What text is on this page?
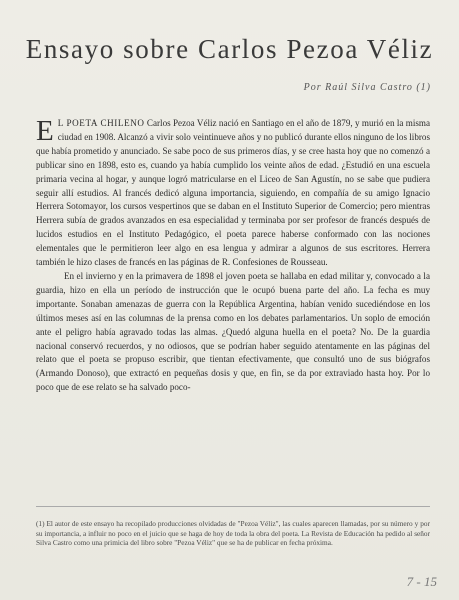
Ensayo sobre Carlos Pezoa Véliz
Por Raúl Silva Castro (1)

E L POETA CHILENO Carlos Pezoa Véliz nació en Santiago en el año de 1879, y murió en la misma ciudad en 1908. Alcanzó a vivir solo veintinueve años y no publicó durante ellos ninguno de los libros que había prometido y anunciado. Se sabe poco de sus primeros días, y se cree hasta hoy que no comenzó a publicar sino en 1898, esto es, cuando ya había cumplido los veinte años de edad. ¿Estudió en una escuela primaria vecina al hogar, y aunque logró matricularse en el Liceo de San Agustín, no se sabe que pudiera seguir allí estudios. Al francés dedicó alguna importancia, siguiendo, en compañía de su amigo Ignacio Herrera Sotomayor, los cursos vespertinos que se daban en el Instituto Superior de Comercio; pero mientras Herrera subía de grados avanzados en esa especialidad y terminaba por ser profesor de francés después de lucidos estudios en el Instituto Pedagógico, el poeta parece haberse conformado con las nociones elementales que le permitieron leer algo en esa lengua y admirar a algunos de sus escritores. Herrera también le hizo clases de francés en las páginas de R. Confesiones de Rousseau.

En el invierno y en la primavera de 1898 el joven poeta se hallaba en edad militar y, convocado a la guardia, hizo en ella un período de instrucción que le ocupó buena parte del año. La fecha es muy importante. Sonaban amenazas de guerra con la República Argentina, habían venido sucediéndose en los últimos meses así en las columnas de la prensa como en los debates parlamentarios. Un soplo de emoción ante el peligro había agravado todas las almas. ¿Quedó alguna huella en el poeta? No. De la guardia nacional conservó recuerdos, y no odiosos, que se podrían haber seguido atentamente en las páginas del relato que el poeta se propuso escribir, que tientan efectivamente, que consultó uno de sus biógrafos (Armando Donoso), que extractó en pequeñas dosis y que, en fin, se da por extraviado hasta hoy. Por lo poco que de ese relato se ha salvado poco-

(1) El autor de este ensayo ha recopilado producciones olvidadas de "Pezoa Véliz", las cuales aparecen llamadas, por su número y por su importancia, a influir no poco en el juicio que se haga de hoy de toda la obra del poeta. La Revista de Educación ha pedido al señor Silva Castro como una primicia del libro sobre "Pezoa Véliz" que se ha de publicar en fecha próxima.

7 - 15
